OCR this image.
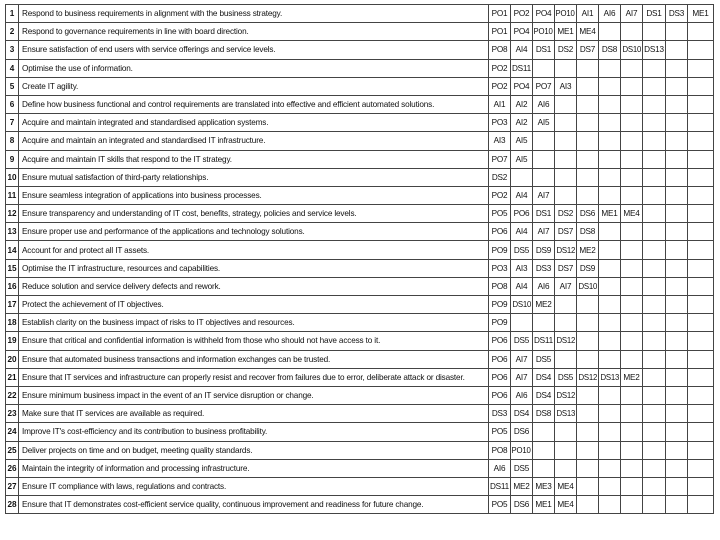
1	Respond to business requirements in alignment with the business strategy.	PO1	PO2	PO4	PO10	AI1	AI6	AI7	DS1	DS3	ME1
2	Respond to governance requirements in line with board direction.	PO1	PO4	PO10	ME1	ME4					
3	Ensure satisfaction of end users with service offerings and service levels.	PO8	AI4	DS1	DS2	DS7	DS8	DS10	DS13		
4	Optimise the use of information.	PO2	DS11								
5	Create IT agility.	PO2	PO4	PO7	AI3						
6	Define how business functional and control requirements are translated into effective and efficient automated solutions.	AI1	AI2	AI6							
7	Acquire and maintain integrated and standardised application systems.	PO3	AI2	AI5							
8	Acquire and maintain an integrated and standardised IT infrastructure.	AI3	AI5								
9	Acquire and maintain IT skills that respond to the IT strategy.	PO7	AI5								
10	Ensure mutual satisfaction of third-party relationships.	DS2									
11	Ensure seamless integration of applications into business processes.	PO2	AI4	AI7							
12	Ensure transparency and understanding of IT cost, benefits, strategy, policies and service levels.	PO5	PO6	DS1	DS2	DS6	ME1	ME4			
13	Ensure proper use and performance of the applications and technology solutions.	PO6	AI4	AI7	DS7	DS8					
14	Account for and protect all IT assets.	PO9	DS5	DS9	DS12	ME2					
15	Optimise the IT infrastructure, resources and capabilities.	PO3	AI3	DS3	DS7	DS9					
16	Reduce solution and service delivery defects and rework.	PO8	AI4	AI6	AI7	DS10					
17	Protect the achievement of IT objectives.	PO9	DS10	ME2							
18	Establish clarity on the business impact of risks to IT objectives and resources.	PO9									
19	Ensure that critical and confidential information is withheld from those who should not have access to it.	PO6	DS5	DS11	DS12						
20	Ensure that automated business transactions and information exchanges can be trusted.	PO6	AI7	DS5							
21	Ensure that IT services and infrastructure can properly resist and recover from failures due to error, deliberate attack or disaster.	PO6	AI7	DS4	DS5	DS12	DS13	ME2			
22	Ensure minimum business impact in the event of an IT service disruption or change.	PO6	AI6	DS4	DS12						
23	Make sure that IT services are available as required.	DS3	DS4	DS8	DS13						
24	Improve IT's cost-efficiency and its contribution to business profitability.	PO5	DS6								
25	Deliver projects on time and on budget, meeting quality standards.	PO8	PO10								
26	Maintain the integrity of information and processing infrastructure.	AI6	DS5								
27	Ensure IT compliance with laws, regulations and contracts.	DS11	ME2	ME3	ME4						
28	Ensure that IT demonstrates cost-efficient service quality, continuous improvement and readiness for future change.	PO5	DS6	ME1	ME4						
